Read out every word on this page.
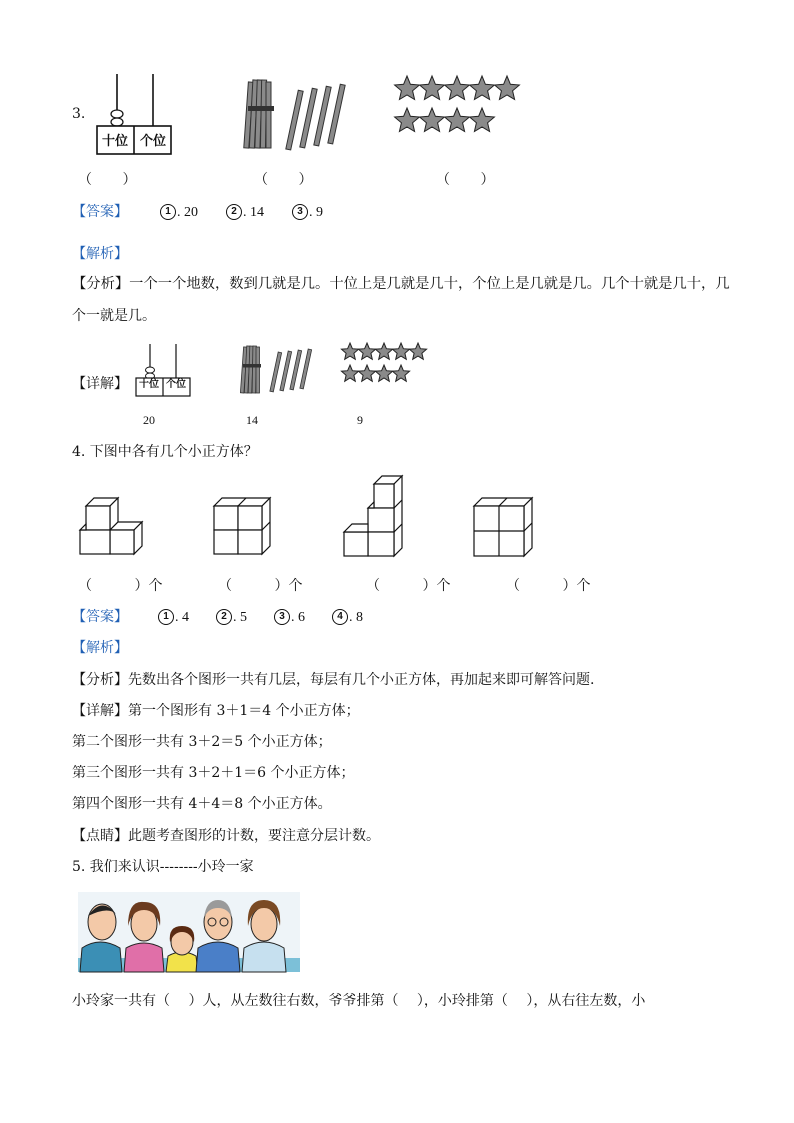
3.
十位 个位
（ ）	（ ）	（ ）
【答案】	1 . 20	2 . 14	3 . 9
【解析】
【分析】一个一个地数，数到几就是几。十位上是几就是几十，个位上是几就是几。几个十就是几十，几
个一就是几。
【详解】 十位 个位
20	14	9
4. 下图中各有几个小正方体？
（ ）个	（ ）个	（ ）个	（ ）个
【答案】	1 . 4	2 . 5	3 . 6	4 . 8
【解析】
【分析】先数出各个图形一共有几层，每层有几个小正方体，再加起来即可解答问题.
【详解】第一个图形有 3＋1＝4 个小正方体；
第二个图形一共有 3＋2＝5 个小正方体；
第三个图形一共有 3＋2＋1＝6 个小正方体；
第四个图形一共有 4＋4＝8 个小正方体。
【点睛】此题考查图形的计数，要注意分层计数。
5. 我们来认识--------小玲一家
小玲家一共有（ ）人，从左数往右数，爷爷排第（ ），小玲排第（ ），从右往左数，小
